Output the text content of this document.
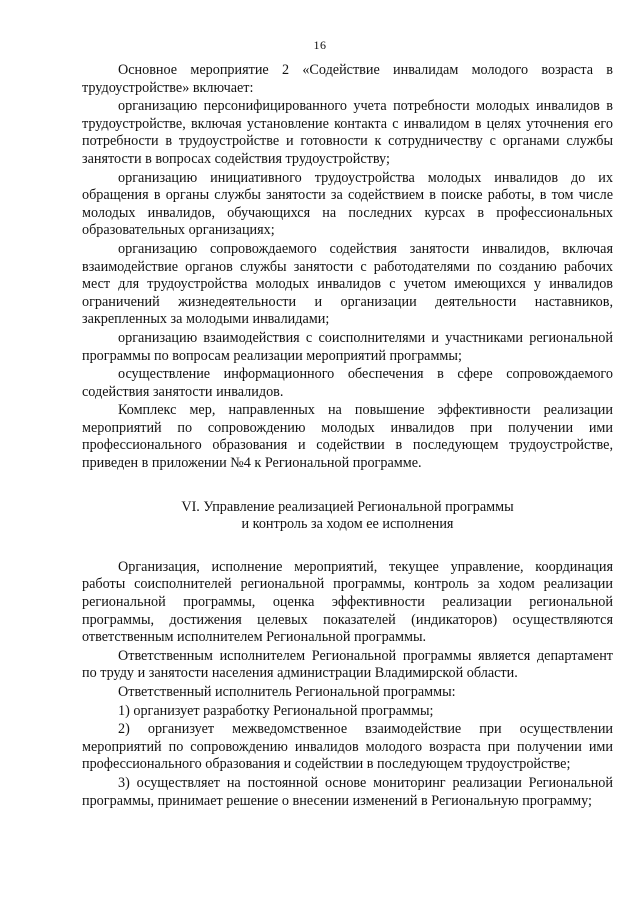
16

Основное мероприятие 2 «Содействие инвалидам молодого возраста в трудоустройстве» включает:

организацию персонифицированного учета потребности молодых инвалидов в трудоустройстве, включая установление контакта с инвалидом в целях уточнения его потребности в трудоустройстве и готовности к сотрудничеству с органами службы занятости в вопросах содействия трудоустройству;

организацию инициативного трудоустройства молодых инвалидов до их обращения в органы службы занятости за содействием в поиске работы, в том числе молодых инвалидов, обучающихся на последних курсах в профессиональных образовательных организациях;

организацию сопровождаемого содействия занятости инвалидов, включая взаимодействие органов службы занятости с работодателями по созданию рабочих мест для трудоустройства молодых инвалидов с учетом имеющихся у инвалидов ограничений жизнедеятельности и организации деятельности наставников, закрепленных за молодыми инвалидами;

организацию взаимодействия с соисполнителями и участниками региональной программы по вопросам реализации мероприятий программы;

осуществление информационного обеспечения в сфере сопровождаемого содействия занятости инвалидов.

Комплекс мер, направленных на повышение эффективности реализации мероприятий по сопровождению молодых инвалидов при получении ими профессионального образования и содействии в последующем трудоустройстве, приведен в приложении №4 к Региональной программе.

VI. Управление реализацией Региональной программы
и контроль за ходом ее исполнения

Организация, исполнение мероприятий, текущее управление, координация работы соисполнителей региональной программы, контроль за ходом реализации региональной программы, оценка эффективности реализации региональной программы, достижения целевых показателей (индикаторов) осуществляются ответственным исполнителем Региональной программы.

Ответственным исполнителем Региональной программы является департамент по труду и занятости населения администрации Владимирской области.

Ответственный исполнитель Региональной программы:

1) организует разработку Региональной программы;

2) организует межведомственное взаимодействие при осуществлении мероприятий по сопровождению инвалидов молодого возраста при получении ими профессионального образования и содействии в последующем трудоустройстве;

3) осуществляет на постоянной основе мониторинг реализации Региональной программы, принимает решение о внесении изменений в Региональную программу;
